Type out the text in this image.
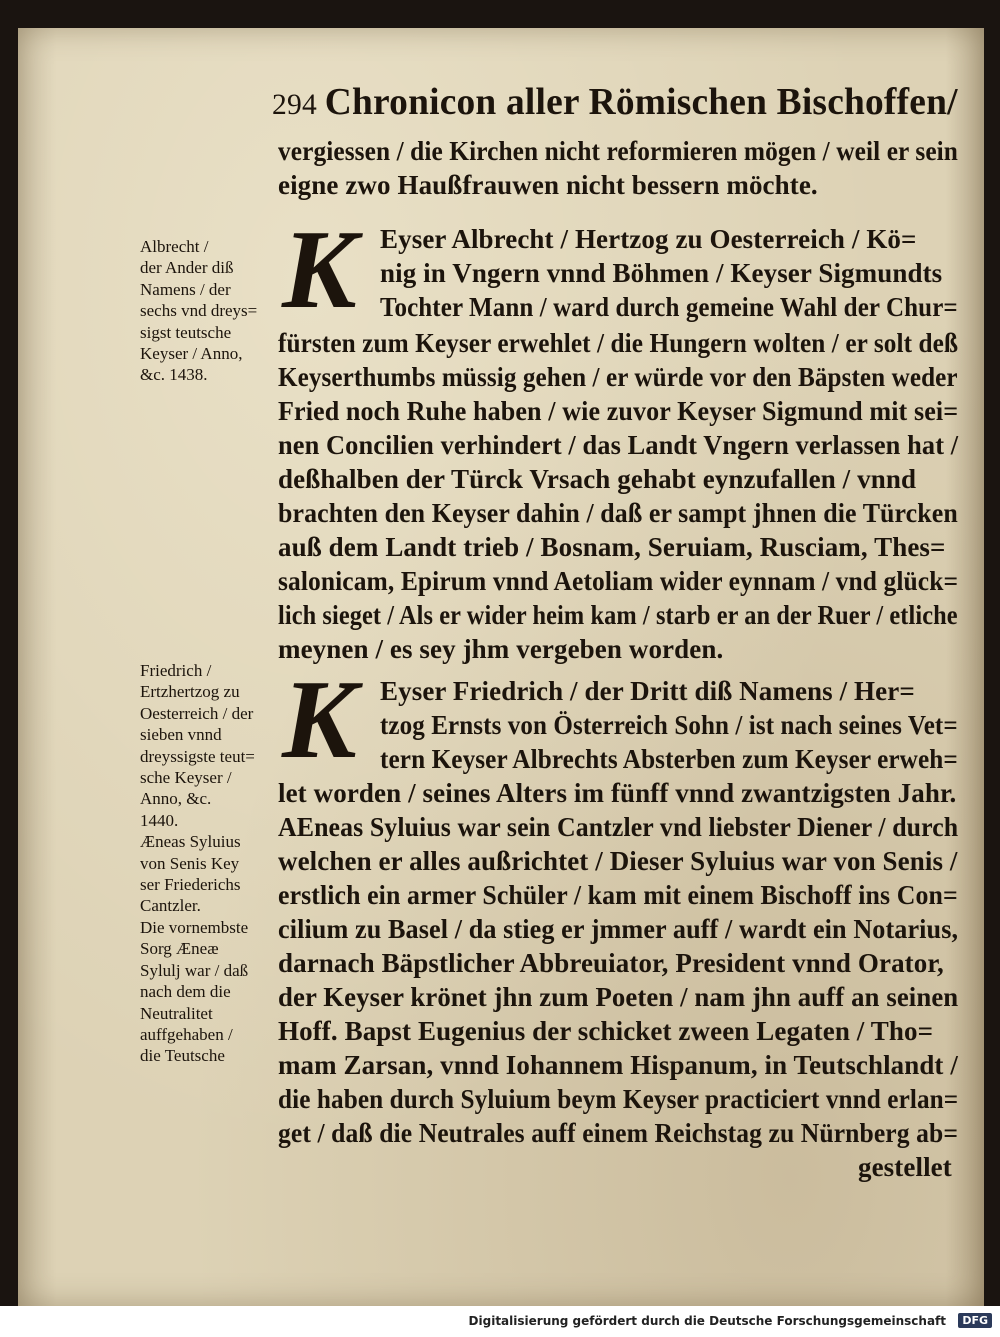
294 Chronicon aller Römischen Bischoffen/
vergiessen / die Kirchen nicht reformieren mögen / weil er sein
eigne zwo Haußfrauwen nicht bessern möchte.
K Eyser Albrecht / Hertzog zu Oesterreich / Kö=
nig in Vngern vnnd Böhmen / Keyser Sigmundts
Tochter Mann / ward durch gemeine Wahl der Chur=
fürsten zum Keyser erwehlet / die Hungern wolten / er solt deß
Keyserthumbs müssig gehen / er würde vor den Bäpsten weder
Fried noch Ruhe haben / wie zuvor Keyser Sigmund mit sei=
nen Concilien verhindert / das Landt Vngern verlassen hat /
deßhalben der Türck Vrsach gehabt eynzufallen / vnnd
brachten den Keyser dahin / daß er sampt jhnen die Türcken
auß dem Landt trieb / Bosnam, Seruiam, Rusciam, Thes=
salonicam, Epirum vnnd Aetoliam wider eynnam / vnd glück=
lich sieget / Als er wider heim kam / starb er an der Ruer / etliche
meynen / es sey jhm vergeben worden.
Albrecht /
der Ander diß
Namens / der
sechs vnd dreys=
sigst teutsche
Keyser / Anno,
&c. 1438.
K Eyser Friedrich / der Dritt diß Namens / Her=
tzog Ernsts von Österreich Sohn / ist nach seines Vet=
tern Keyser Albrechts Absterben zum Keyser erweh=
let worden / seines Alters im fünff vnnd zwantzigsten Jahr.
AEneas Syluius war sein Cantzler vnd liebster Diener / durch
welchen er alles außrichtet / Dieser Syluius war von Senis /
erstlich ein armer Schüler / kam mit einem Bischoff ins Con=
cilium zu Basel / da stieg er jmmer auff / wardt ein Notarius,
darnach Bäpstlicher Abbreuiator, President vnnd Orator,
der Keyser krönet jhn zum Poeten / nam jhn auff an seinen
Hoff. Bapst Eugenius der schicket zween Legaten / Tho=
mam Zarsan, vnnd Iohannem Hispanum, in Teutschlandt /
die haben durch Syluium beym Keyser practiciert vnnd erlan=
get / daß die Neutrales auff einem Reichstag zu Nürnberg ab=
gestellet
Friedrich /
Ertzhertzog zu
Oesterreich / der
sieben vnnd
dreyssigste teut=
sche Keyser /
Anno, &c.
1440.
Æneas Syluius
von Senis Key
ser Friederichs
Cantzler.
Die vornembste
Sorg Æneæ
Sylulj war / daß
nach dem die
Neutralitet
auffgehaben /
die Teutsche
Digitalisierung gefördert durch die Deutsche Forschungsgemeinschaft	DFG
